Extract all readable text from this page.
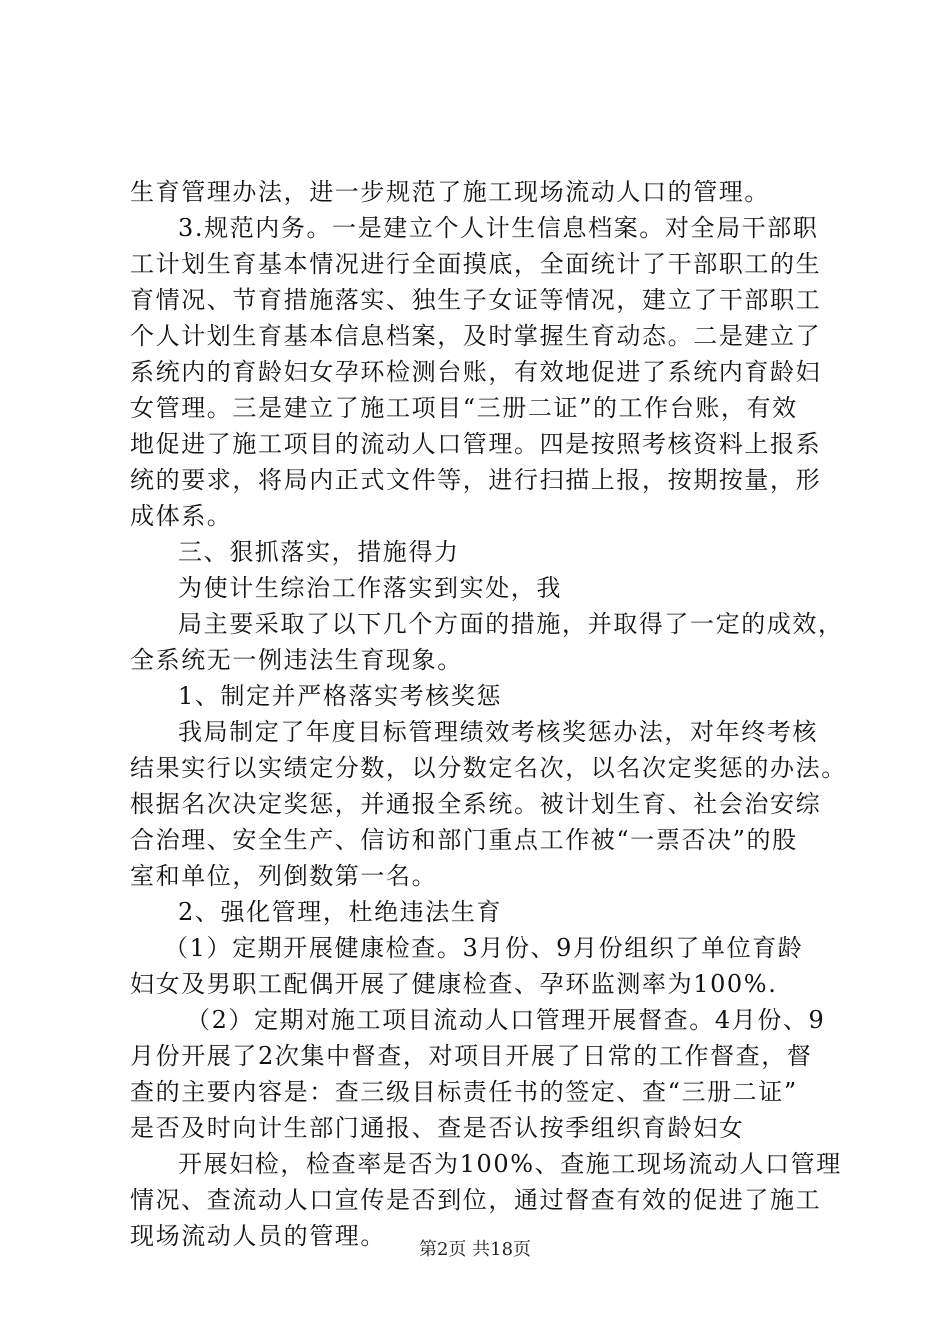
生育管理办法，进一步规范了施工现场流动人口的管理。
3.规范内务。一是建立个人计生信息档案。对全局干部职
工计划生育基本情况进行全面摸底，全面统计了干部职工的生
育情况、节育措施落实、独生子女证等情况，建立了干部职工
个人计划生育基本信息档案，及时掌握生育动态。二是建立了
系统内的育龄妇女孕环检测台账，有效地促进了系统内育龄妇
女管理。三是建立了施工项目“三册二证”的工作台账，有效
地促进了施工项目的流动人口管理。四是按照考核资料上报系
统的要求，将局内正式文件等，进行扫描上报，按期按量，形
成体系。
三、狠抓落实，措施得力
为使计生综治工作落实到实处，我
局主要采取了以下几个方面的措施，并取得了一定的成效，
全系统无一例违法生育现象。
1、制定并严格落实考核奖惩
我局制定了年度目标管理绩效考核奖惩办法，对年终考核
结果实行以实绩定分数，以分数定名次，以名次定奖惩的办法。
根据名次决定奖惩，并通报全系统。被计划生育、社会治安综
合治理、安全生产、信访和部门重点工作被“一票否决”的股
室和单位，列倒数第一名。
2、强化管理，杜绝违法生育
（1）定期开展健康检查。3月份、9月份组织了单位育龄
妇女及男职工配偶开展了健康检查、孕环监测率为100%.
（2）定期对施工项目流动人口管理开展督查。4月份、9
月份开展了2次集中督查，对项目开展了日常的工作督查，督
查的主要内容是：查三级目标责任书的签定、查“三册二证”
是否及时向计生部门通报、查是否认按季组织育龄妇女
开展妇检，检查率是否为100%、查施工现场流动人口管理
情况、查流动人口宣传是否到位，通过督查有效的促进了施工
现场流动人员的管理。	第2页 共18页
